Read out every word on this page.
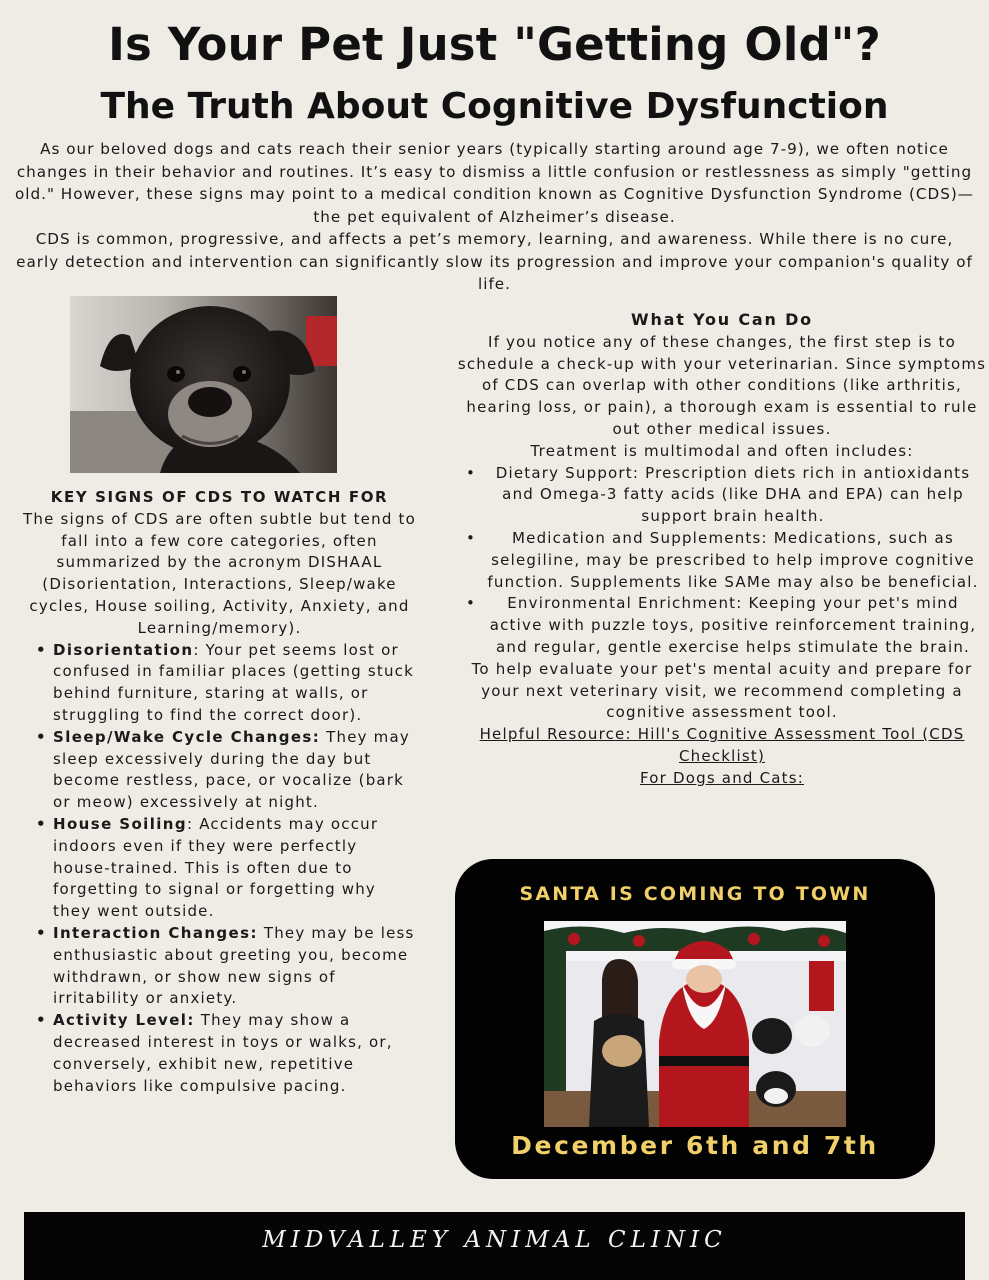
Is Your Pet Just "Getting Old"?
The Truth About Cognitive Dysfunction

As our beloved dogs and cats reach their senior years (typically starting around age 7-9), we often notice changes in their behavior and routines. It’s easy to dismiss a little confusion or restlessness as simply "getting old." However, these signs may point to a medical condition known as Cognitive Dysfunction Syndrome (CDS)—the pet equivalent of Alzheimer’s disease.

CDS is common, progressive, and affects a pet’s memory, learning, and awareness. While there is no cure, early detection and intervention can significantly slow its progression and improve your companion's quality of life.

KEY SIGNS OF CDS TO WATCH FOR

The signs of CDS are often subtle but tend to fall into a few core categories, often summarized by the acronym DISHAAL (Disorientation, Interactions, Sleep/wake cycles, House soiling, Activity, Anxiety, and Learning/memory).

• Disorientation: Your pet seems lost or confused in familiar places (getting stuck behind furniture, staring at walls, or struggling to find the correct door).
• Sleep/Wake Cycle Changes: They may sleep excessively during the day but become restless, pace, or vocalize (bark or meow) excessively at night.
• House Soiling: Accidents may occur indoors even if they were perfectly house-trained. This is often due to forgetting to signal or forgetting why they went outside.
• Interaction Changes: They may be less enthusiastic about greeting you, become withdrawn, or show new signs of irritability or anxiety.
• Activity Level: They may show a decreased interest in toys or walks, or, conversely, exhibit new, repetitive behaviors like compulsive pacing.
What You Can Do

If you notice any of these changes, the first step is to schedule a check-up with your veterinarian. Since symptoms of CDS can overlap with other conditions (like arthritis, hearing loss, or pain), a thorough exam is essential to rule out other medical issues.

Treatment is multimodal and often includes:

• Dietary Support: Prescription diets rich in antioxidants and Omega-3 fatty acids (like DHA and EPA) can help support brain health.
• Medication and Supplements: Medications, such as selegiline, may be prescribed to help improve cognitive function. Supplements like SAMe may also be beneficial.
• Environmental Enrichment: Keeping your pet's mind active with puzzle toys, positive reinforcement training, and regular, gentle exercise helps stimulate the brain.

To help evaluate your pet's mental acuity and prepare for your next veterinary visit, we recommend completing a cognitive assessment tool.

Helpful Resource: Hill's Cognitive Assessment Tool (CDS Checklist)
For Dogs and Cats:
SANTA IS COMING TO TOWN
December 6th and 7th
MIDVALLEY ANIMAL CLINIC
